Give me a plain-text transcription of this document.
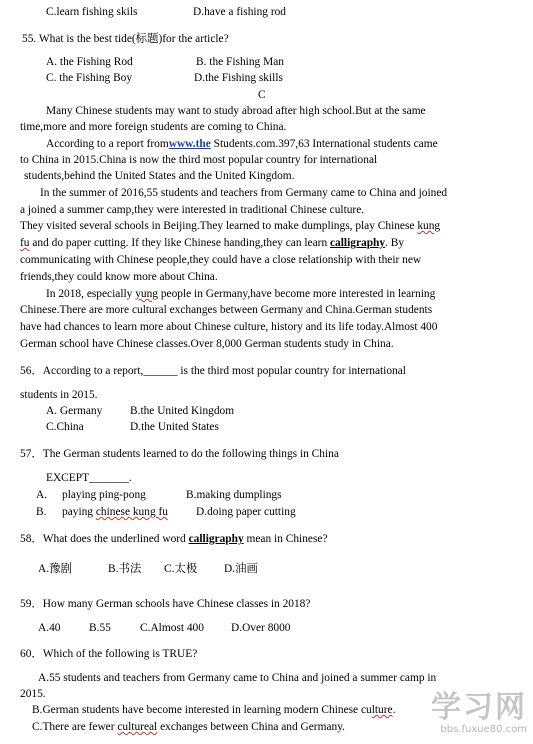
C.learn fishing skils	D.have a fishing rod
55. What is the best tide(标题)for the article?
A. the Fishing Rod	B. the Fishing Man
C. the Fishing Boy	D.the Fishing skills
C
Many Chinese students may want to study abroad after high school.But at the same
time,more and more foreign students are coming to China.
According to a report fromwww.the Students.com.397,63 International students came
to China in 2015.China is now the third most popular country for international
students,behind the United States and the United Kingdom.
In the summer of 2016,55 students and teachers from Germany came to China and joined
a joined a summer camp,they were interested in traditional Chinese culture.
They visited several schools in Beijing.They learned to make dumplings, play Chinese kung
fu and do paper cutting. If they like Chinese handing,they can learn calligraphy. By
communicating with Chinese people,they could have a close relationship with their new
friends,they could know more about China.
In 2018, especially yung people in Germany,have become more interested in learning
Chinese.There are more cultural exchanges between Germany and China.German students
have had chances to learn more about Chinese culture, history and its life today.Almost 400
German school have Chinese classes.Over 8,000 German students study in China.
56．According to a report,______ is the third most popular country for international
students in 2015.
A. Germany B.the United Kingdom
C.China	D.the United States
57．The German students learned to do the following things in China
EXCEPT_______.
A. playing ping-pong	B.making dumplings
B. paying chinese kung fu D.doing paper cutting
58．What does the underlined word calligraphy mean in Chinese?
A.豫剧	B.书法 C.太极 D.油画
59．How many German schools have Chinese classes in 2018?
A.40	B.55	C.Almost 400 D.Over 8000
60．Which of the following is TRUE?
A.55 students and teachers from Germany came to China and joined a summer camp in
2015.
B.German students have become interested in learning modern Chinese culture.
C.There are fewer cultureal exchanges between China and Germany.
学习网
bbs.fuxue80.com
